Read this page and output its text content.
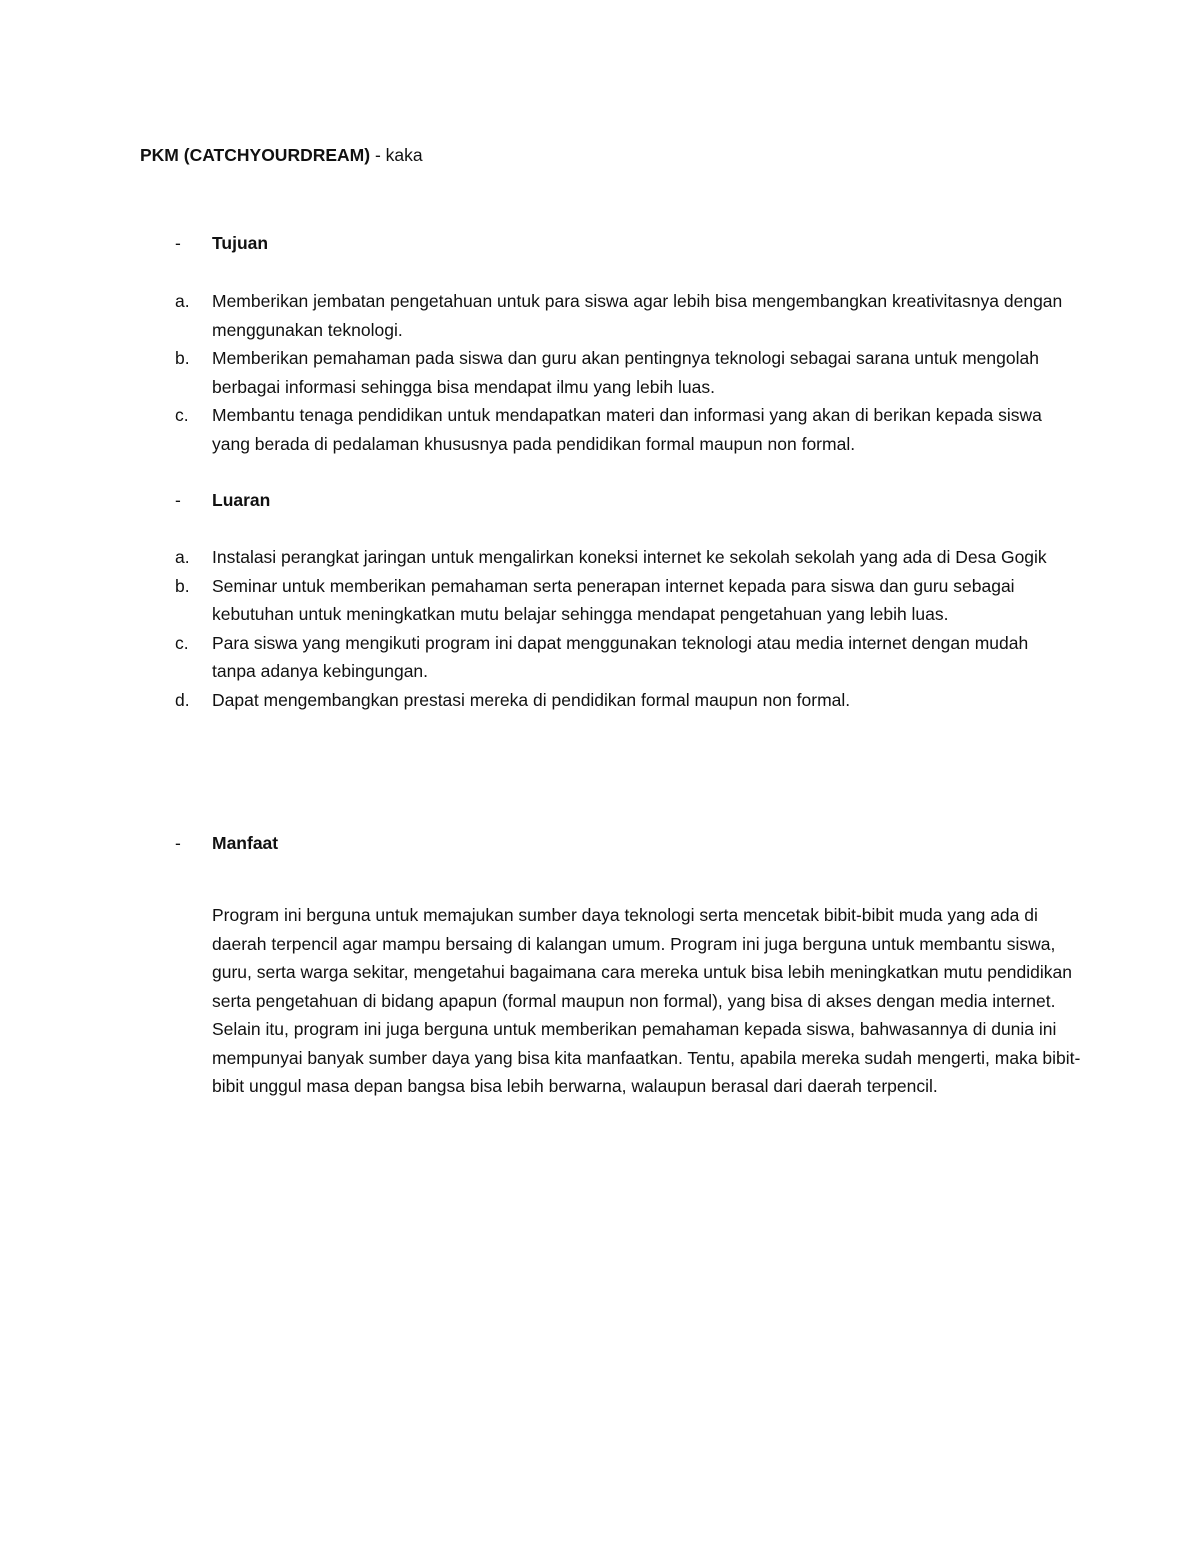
PKM (CATCHYOURDREAM) - kaka
- Tujuan
a.	Memberikan jembatan pengetahuan untuk para siswa agar lebih bisa mengembangkan kreativitasnya dengan menggunakan teknologi.
b.	Memberikan pemahaman pada siswa dan guru akan pentingnya teknologi sebagai sarana untuk mengolah berbagai informasi sehingga bisa mendapat ilmu yang lebih luas.
c.	Membantu tenaga pendidikan untuk mendapatkan materi dan informasi yang akan di berikan kepada siswa yang berada di pedalaman khususnya pada pendidikan formal maupun non formal.
- Luaran
a.	Instalasi perangkat jaringan untuk mengalirkan koneksi internet ke sekolah sekolah yang ada di Desa Gogik
b.	Seminar untuk memberikan pemahaman serta penerapan internet kepada para siswa dan guru sebagai kebutuhan untuk meningkatkan mutu belajar sehingga mendapat pengetahuan yang lebih luas.
c.	Para siswa yang mengikuti program ini dapat menggunakan teknologi atau media internet dengan mudah tanpa adanya kebingungan.
d.	Dapat mengembangkan prestasi mereka di pendidikan formal maupun non formal.
- Manfaat

Program ini berguna untuk memajukan sumber daya teknologi serta mencetak bibit-bibit muda yang ada di daerah terpencil agar mampu bersaing di kalangan umum. Program ini juga berguna untuk membantu siswa, guru, serta warga sekitar, mengetahui bagaimana cara mereka untuk bisa lebih meningkatkan mutu pendidikan serta pengetahuan di bidang apapun (formal maupun non formal), yang bisa di akses dengan media internet. Selain itu, program ini juga berguna untuk memberikan pemahaman kepada siswa, bahwasannya di dunia ini mempunyai banyak sumber daya yang bisa kita manfaatkan. Tentu, apabila mereka sudah mengerti, maka bibit-bibit unggul masa depan bangsa bisa lebih berwarna, walaupun berasal dari daerah terpencil.
